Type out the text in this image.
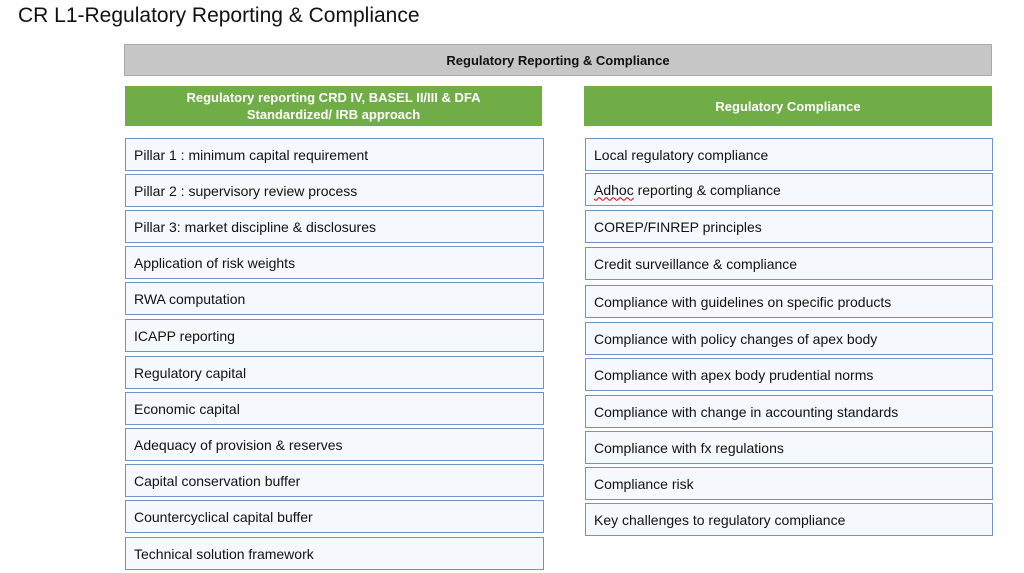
CR L1-Regulatory Reporting & Compliance
Regulatory Reporting & Compliance
Regulatory reporting CRD IV, BASEL II/III & DFA
Standardized/ IRB approach
Regulatory Compliance
Pillar 1 : minimum capital requirement
Pillar 2 : supervisory review process
Pillar 3: market discipline & disclosures
Application of risk weights
RWA computation
ICAPP reporting
Regulatory capital
Economic capital
Adequacy of provision & reserves
Capital conservation buffer
Countercyclical capital buffer
Technical solution framework
Local regulatory compliance
Adhoc reporting & compliance
COREP/FINREP principles
Credit surveillance & compliance
Compliance with guidelines on specific products
Compliance with policy changes of apex body
Compliance with apex body prudential norms
Compliance with change in accounting standards
Compliance with fx regulations
Compliance risk
Key challenges to regulatory compliance
